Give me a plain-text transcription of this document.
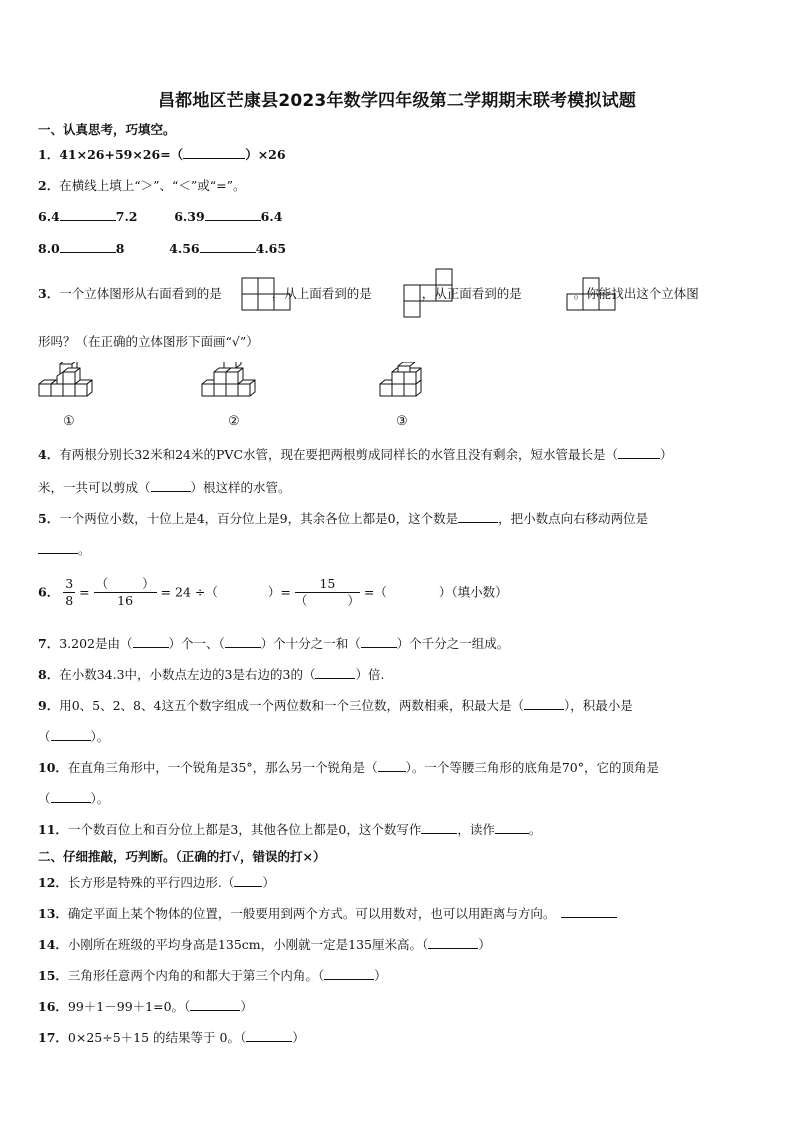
昌都地区芒康县2023年数学四年级第二学期期末联考模拟试题
一、认真思考，巧填空。
1．41×26+59×26=（	）×26
2．在横线上填上“＞”、“＜”或“=”。
6.4	7.2	6.39	6.4
8.0	8	4.56	4.65
3．一个立体图形从右面看到的是	，从上面看到的是	，从正面看到的是	。你能找出这个立体图
形吗？（在正确的立体图形下面画“√”）
①	②	③
4．有两根分别长32米和24米的PVC水管，现在要把两根剪成同样长的水管且没有剩余，短水管最长是（	）
米，一共可以剪成（	）根这样的水管。
5．一个两位小数，十位上是4，百分位上是9，其余各位上都是0，这个数是	，把小数点向右移动两位是
。
6． $\frac{3}{8}$ = （	）
16 = 24 ÷（	）= 15
（	） =（	）（填小数）
7．3.202是由（	）个一、（	）个十分之一和（	）个千分之一组成。
8．在小数34.3中，小数点左边的3是右边的3的（	）倍.
9．用0、5、2、8、4这五个数字组成一个两位数和一个三位数，两数相乘，积最大是（	），积最小是
（	）。
10．在直角三角形中，一个锐角是35°，那么另一个锐角是（ ）。一个等腰三角形的底角是70°，它的顶角是
（	）。
11．一个数百位上和百分位上都是3，其他各位上都是0，这个数写作	，读作	。
二、仔细推敲，巧判断。（正确的打√，错误的打×）
12．长方形是特殊的平行四边形.（ ）
13．确定平面上某个物体的位置，一般要用到两个方式。可以用数对，也可以用距离与方向。
14．小刚所在班级的平均身高是135cm，小刚就一定是135厘米高。（	）
15．三角形任意两个内角的和都大于第三个内角。（	）
16．99＋1－99＋1=0。（	）
17．0×25÷5＋15 的结果等于 0。（	）
